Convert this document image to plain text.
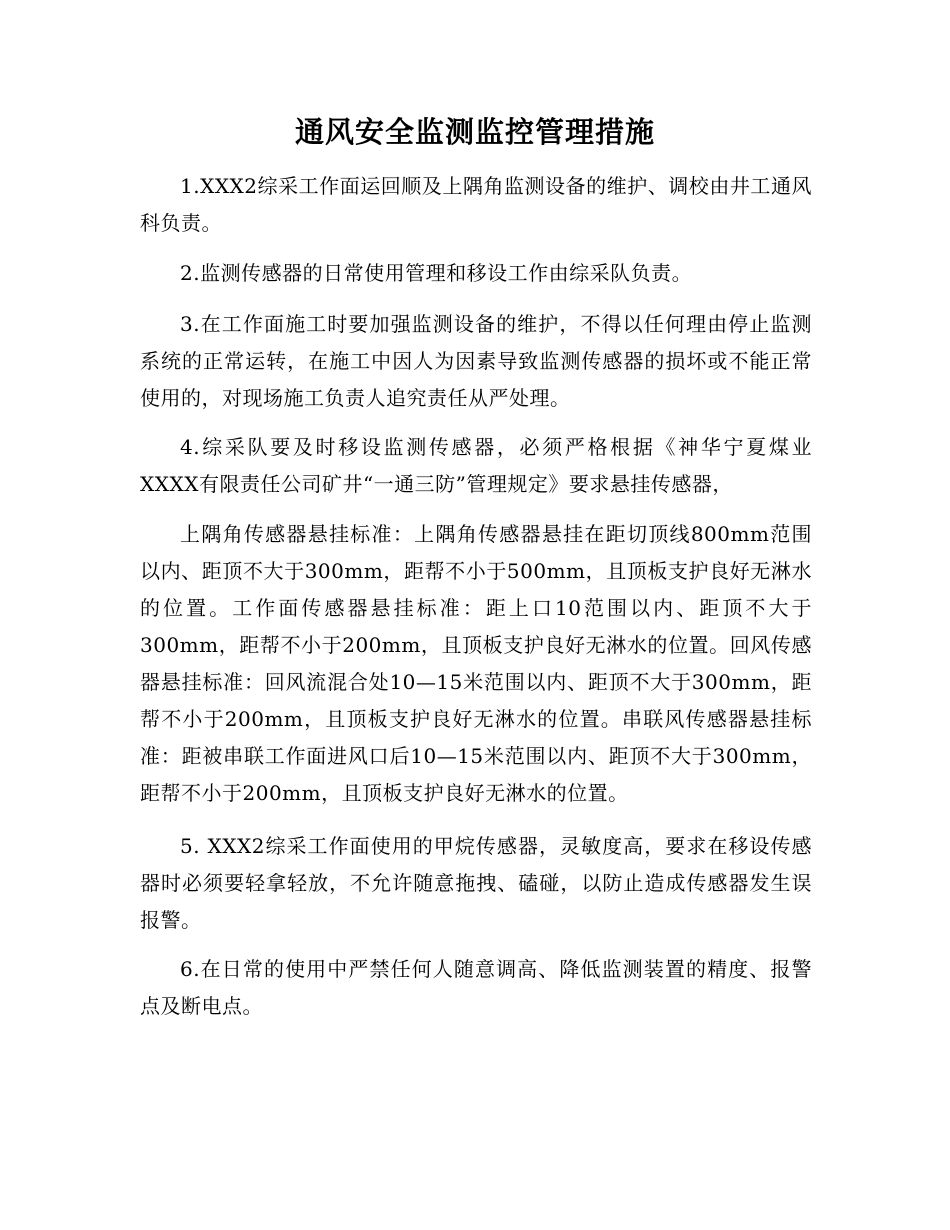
通风安全监测监控管理措施

1.XXX2综采工作面运回顺及上隅角监测设备的维护、调校由井工通风科负责。

2.监测传感器的日常使用管理和移设工作由综采队负责。

3.在工作面施工时要加强监测设备的维护，不得以任何理由停止监测系统的正常运转，在施工中因人为因素导致监测传感器的损坏或不能正常使用的，对现场施工负责人追究责任从严处理。

4.综采队要及时移设监测传感器，必须严格根据《神华宁夏煤业XXXX有限责任公司矿井“一通三防”管理规定》要求悬挂传感器，

上隅角传感器悬挂标准：上隅角传感器悬挂在距切顶线800mm范围以内、距顶不大于300mm，距帮不小于500mm，且顶板支护良好无淋水的位置。工作面传感器悬挂标准：距上口10范围以内、距顶不大于300mm，距帮不小于200mm，且顶板支护良好无淋水的位置。回风传感器悬挂标准：回风流混合处10—15米范围以内、距顶不大于300mm，距帮不小于200mm，且顶板支护良好无淋水的位置。串联风传感器悬挂标准：距被串联工作面进风口后10—15米范围以内、距顶不大于300mm，距帮不小于200mm，且顶板支护良好无淋水的位置。

5. XXX2综采工作面使用的甲烷传感器，灵敏度高，要求在移设传感器时必须要轻拿轻放，不允许随意拖拽、磕碰，以防止造成传感器发生误报警。

6.在日常的使用中严禁任何人随意调高、降低监测装置的精度、报警点及断电点。
